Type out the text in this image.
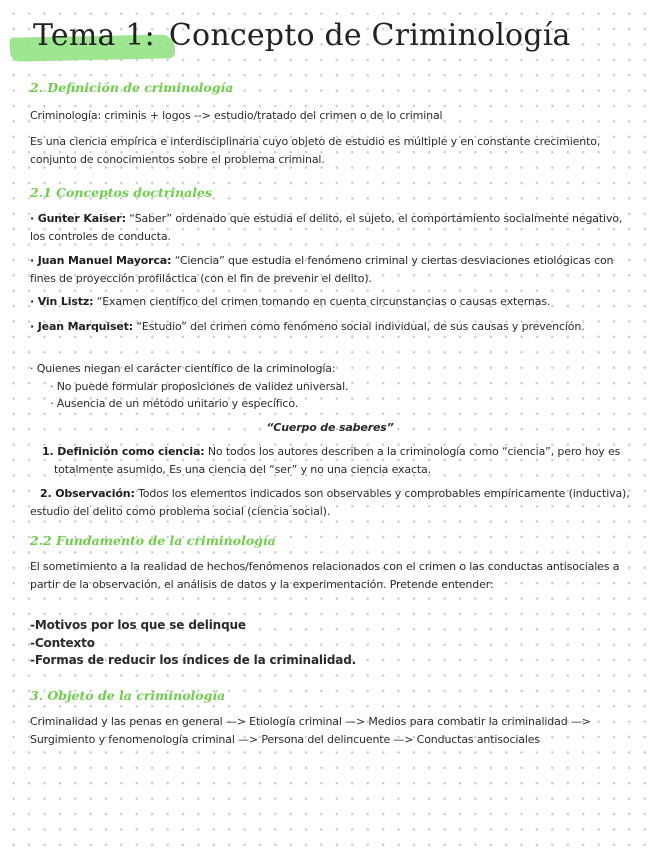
Tema 1: Concepto de Criminología
2. Definición de criminología

Criminología: criminis + logos --> estudio/tratado del crimen o de lo criminal

Es una ciencia empírica e interdisciplinaria cuyo objeto de estudio es múltiple y en constante crecimiento, conjunto de conocimientos sobre el problema criminal.

2.1 Conceptos doctrinales

· Gunter Kaiser: “Saber” ordenado que estudia el delito, el sujeto, el comportamiento socialmente negativo, los controles de conducta.

· Juan Manuel Mayorca: “Ciencia” que estudia el fenómeno criminal y ciertas desviaciones etiológicas con fines de proyección profiláctica (con el fin de prevenir el delito).

· Vin Listz: “Examen científico del crimen tomando en cuenta circunstancias o causas externas.

· Jean Marquiset: “Estudio” del crimen como fenómeno social individual, de sus causas y prevención.

· Quienes niegan el carácter científico de la criminología:

· No puede formular proposiciones de validez universal.

· Ausencia de un método unitario y específico.

“Cuerpo de saberes”

1. Definición como ciencia: No todos los autores describen a la criminología como “ciencia”, pero hoy es totalmente asumido, Es una ciencia del “ser” y no una ciencia exacta.

2. Observación: Todos los elementos indicados son observables y comprobables empíricamente (inductiva), estudio del delito como problema social (ciencia social).

2.2 Fundamento de la criminología

El sometimiento a la realidad de hechos/fenómenos relacionados con el crimen o las conductas antisociales a partir de la observación, el análisis de datos y la experimentación. Pretende entender:

-Motivos por los que se delinque

-Contexto

-Formas de reducir los índices de la criminalidad.

3. Objeto de la criminología

Criminalidad y las penas en general —> Etiología criminal —> Medios para combatir la criminalidad —> Surgimiento y fenomenología criminal —> Persona del delincuente —> Conductas antisociales
